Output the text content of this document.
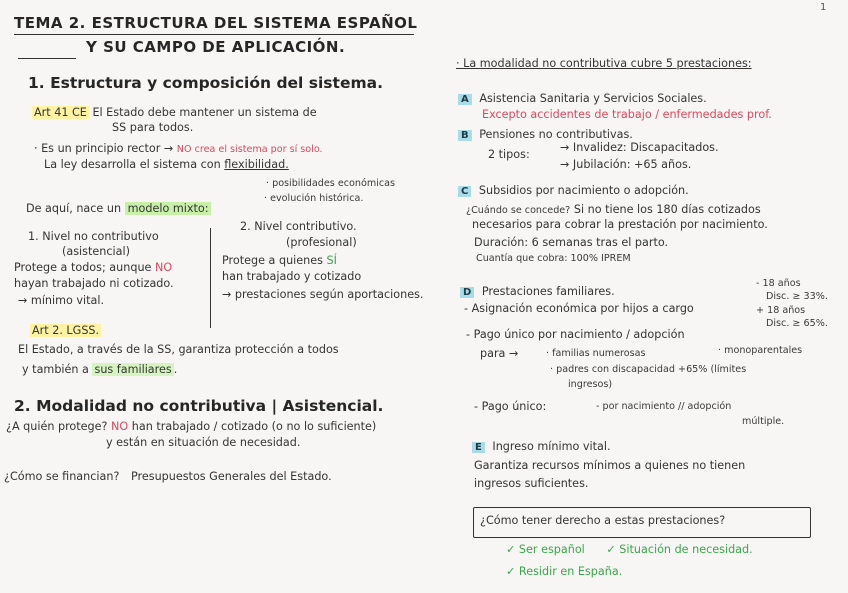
1
TEMA 2. ESTRUCTURA DEL SISTEMA ESPAÑOL
Y SU CAMPO DE APLICACIÓN.
1. Estructura y composición del sistema.
Art 41 CE El Estado debe mantener un sistema de
SS para todos.
· Es un principio rector → NO crea el sistema por sí solo.
La ley desarrolla el sistema con flexibilidad.
· posibilidades económicas
· evolución histórica.
De aquí, nace un modelo mixto:
1. Nivel no contributivo
(asistencial)
Protege a todos; aunque NO
hayan trabajado ni cotizado.
→ mínimo vital.
2. Nivel contributivo.
(profesional)
Protege a quienes SÍ
han trabajado y cotizado
→ prestaciones según aportaciones.
Art 2. LGSS.
El Estado, a través de la SS, garantiza protección a todos
y también a sus familiares .
2. Modalidad no contributiva | Asistencial.
¿A quién protege? NO han trabajado / cotizado (o no lo suficiente)
y están en situación de necesidad.
¿Cómo se financian? Presupuestos Generales del Estado.
· La modalidad no contributiva cubre 5 prestaciones:
A Asistencia Sanitaria y Servicios Sociales.
Excepto accidentes de trabajo / enfermedades prof.
B Pensiones no contributivas.
2 tipos:
→ Invalidez: Discapacitados.
→ Jubilación: +65 años.
C Subsidios por nacimiento o adopción.
¿Cuándo se concede? Si no tiene los 180 días cotizados
necesarios para cobrar la prestación por nacimiento.
Duración: 6 semanas tras el parto.
Cuantía que cobra: 100% IPREM
D Prestaciones familiares.
- Asignación económica por hijos a cargo
- 18 años
Disc. ≥ 33%.
+ 18 años
Disc. ≥ 65%.
- Pago único por nacimiento / adopción
para →	· familias numerosas	· monoparentales
· padres con discapacidad +65% (límites
ingresos)
- Pago único:	- por nacimiento // adopción
múltiple.
E Ingreso mínimo vital.
Garantiza recursos mínimos a quienes no tienen
ingresos suficientes.
¿Cómo tener derecho a estas prestaciones?
✓ Ser español ✓ Situación de necesidad.
✓ Residir en España.
